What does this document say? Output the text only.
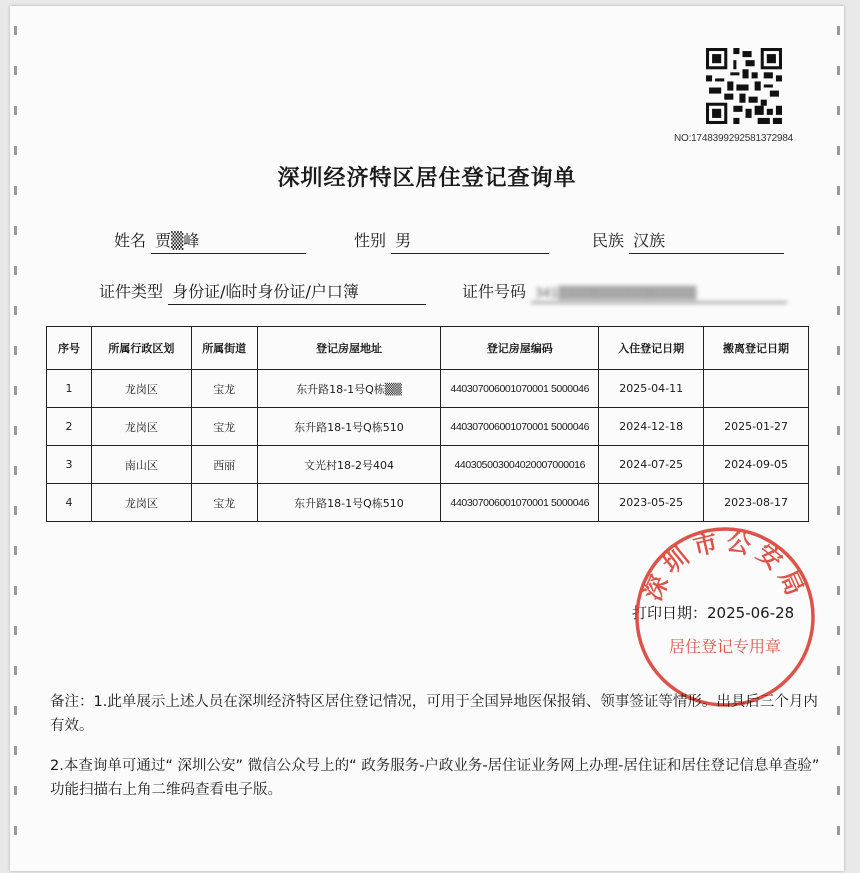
NO:1748399292581372984
深圳经济特区居住登记查询单
姓名 贾▒峰	性别 男	民族 汉族
证件类型 身份证/临时身份证/户口簿	证件号码 341▒▒▒▒▒▒▒▒▒▒▒▒▒▒▒
序号	所属行政区划	所属街道	登记房屋地址	登记房屋编码	入住登记日期	搬离登记日期
1	龙岗区	宝龙	东升路18-1号Q栋▒▒	440307006001070001 5000046	2025-04-11	
2	龙岗区	宝龙	东升路18-1号Q栋510	440307006001070001 5000046	2024-12-18	2025-01-27
3	南山区	西丽	文光村18-2号404	440305003004020007000016	2024-07-25	2024-09-05
4	龙岗区	宝龙	东升路18-1号Q栋510	440307006001070001 5000046	2023-05-25	2023-08-17
打印日期：2025-06-28
深圳市公安局
居住登记专用章
备注：1.此单展示上述人员在深圳经济特区居住登记情况，可用于全国异地医保报销、领事签证等情形。出具后三个月内有效。
2.本查询单可通过“ 深圳公安” 微信公众号上的“ 政务服务-户政业务-居住证业务网上办理-居住证和居住登记信息单查验” 功能扫描右上角二维码查看电子版。
